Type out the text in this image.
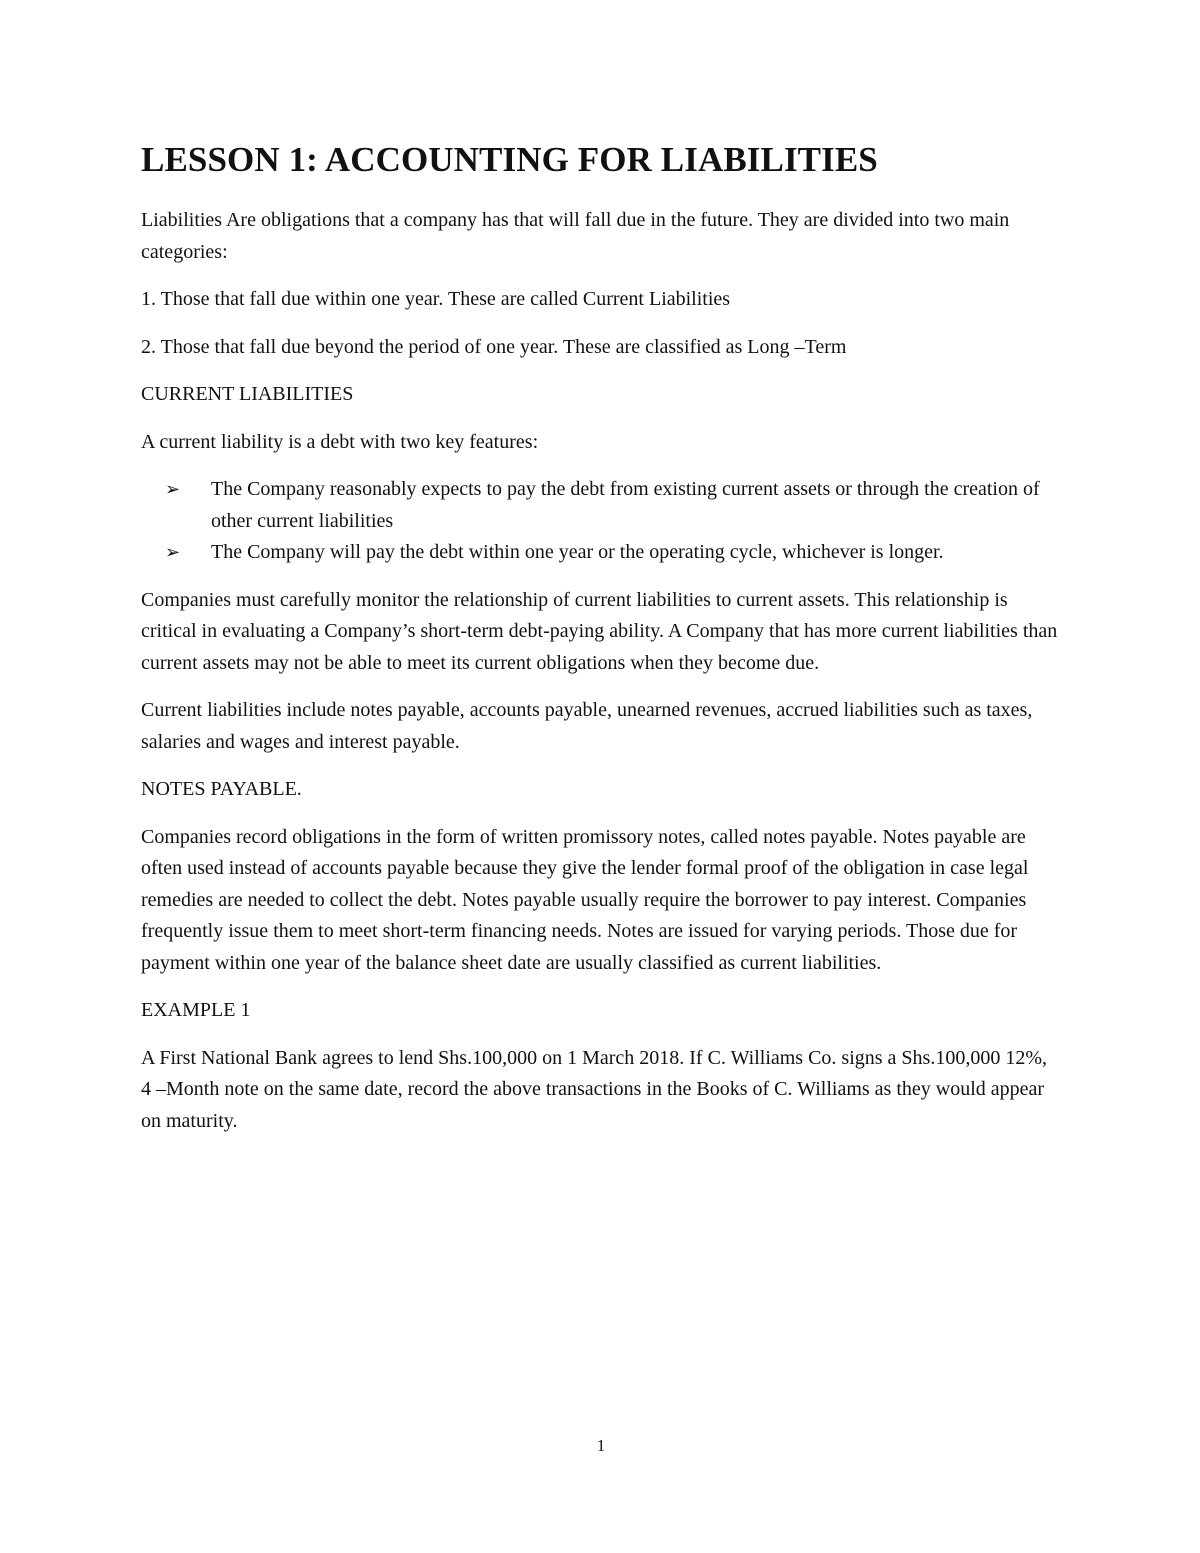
LESSON 1: ACCOUNTING FOR LIABILITIES

Liabilities Are obligations that a company has that will fall due in the future. They are divided into two main categories:

1. Those that fall due within one year. These are called Current Liabilities

2. Those that fall due beyond the period of one year. These are classified as Long –Term

CURRENT LIABILITIES

A current liability is a debt with two key features:

➢ The Company reasonably expects to pay the debt from existing current assets or through the creation of other current liabilities
➢ The Company will pay the debt within one year or the operating cycle, whichever is longer.

Companies must carefully monitor the relationship of current liabilities to current assets. This relationship is critical in evaluating a Company’s short-term debt-paying ability. A Company that has more current liabilities than current assets may not be able to meet its current obligations when they become due.

Current liabilities include notes payable, accounts payable, unearned revenues, accrued liabilities such as taxes, salaries and wages and interest payable.

NOTES PAYABLE.

Companies record obligations in the form of written promissory notes, called notes payable. Notes payable are often used instead of accounts payable because they give the lender formal proof of the obligation in case legal remedies are needed to collect the debt. Notes payable usually require the borrower to pay interest. Companies frequently issue them to meet short-term financing needs. Notes are issued for varying periods. Those due for payment within one year of the balance sheet date are usually classified as current liabilities.

EXAMPLE 1

A First National Bank agrees to lend Shs.100,000 on 1 March 2018. If C. Williams Co. signs a Shs.100,000 12%, 4 –Month note on the same date, record the above transactions in the Books of C. Williams as they would appear on maturity.

1
